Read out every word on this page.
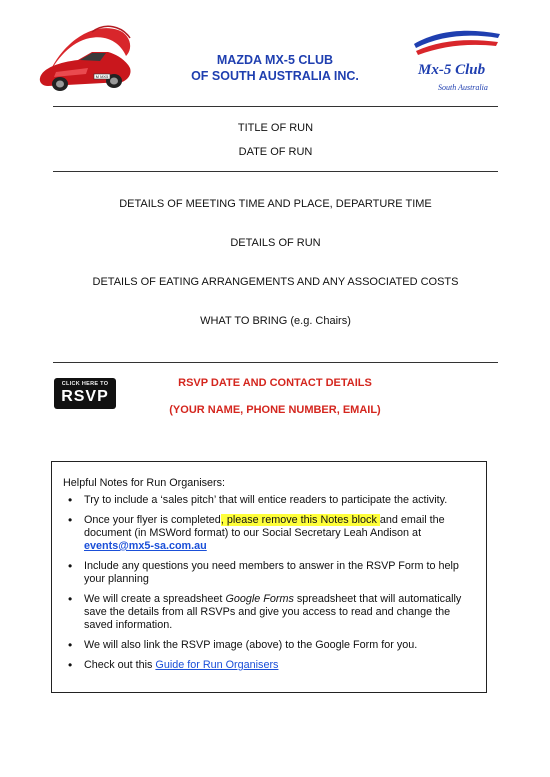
M MX5
MAZDA MX-5 CLUB
OF SOUTH AUSTRALIA INC.	Mx-5 Club
South Australia
TITLE OF RUN
DATE OF RUN
DETAILS OF MEETING TIME AND PLACE, DEPARTURE TIME
DETAILS OF RUN
DETAILS OF EATING ARRANGEMENTS AND ANY ASSOCIATED COSTS
WHAT TO BRING (e.g. Chairs)
CLICK HERE TO
RSVP
RSVP DATE AND CONTACT DETAILS
(YOUR NAME, PHONE NUMBER, EMAIL)
Helpful Notes for Run Organisers:
• Try to include a ‘sales pitch’ that will entice readers to participate the activity.
• Once your flyer is completed, please remove this Notes block and email the document (in MSWord format) to our Social Secretary Leah Andison at
events@mx5-sa.com.au
• Include any questions you need members to answer in the RSVP Form to help your planning
• We will create a spreadsheet Google Forms spreadsheet that will automatically save the details from all RSVPs and give you access to read and change the saved information.
• We will also link the RSVP image (above) to the Google Form for you.
• Check out this Guide for Run Organisers
